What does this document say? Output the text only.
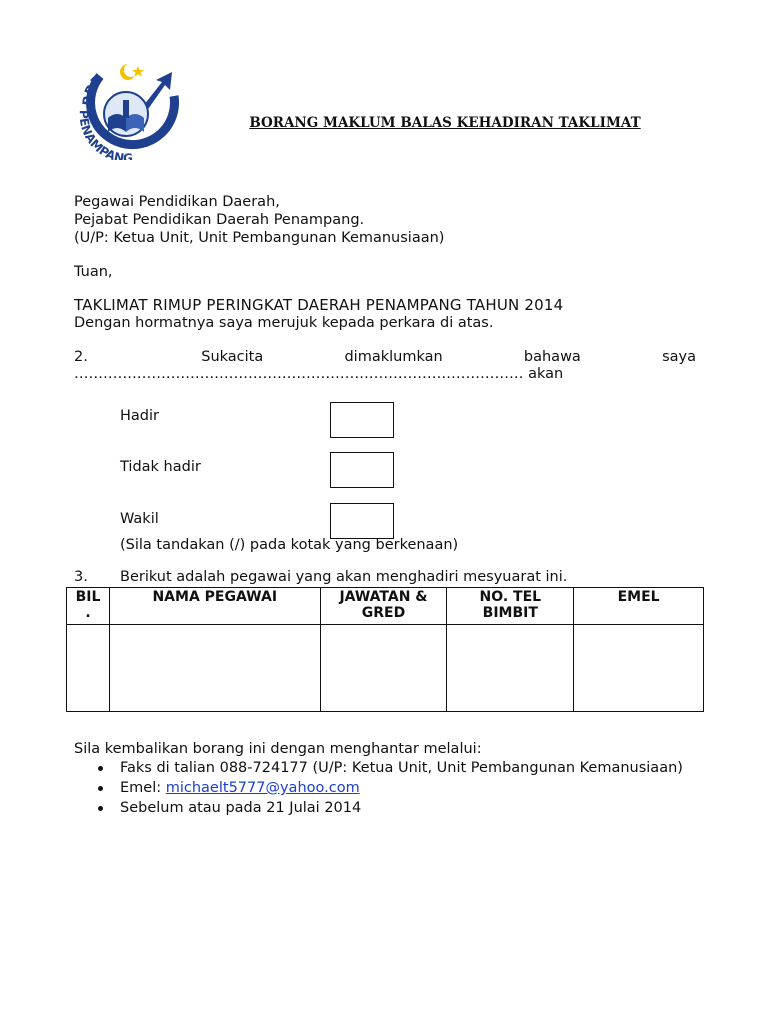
PPD
PENAMPANG
BORANG MAKLUM BALAS KEHADIRAN TAKLIMAT
Pegawai Pendidikan Daerah,
Pejabat Pendidikan Daerah Penampang.
(U/P: Ketua Unit, Unit Pembangunan Kemanusiaan)
Tuan,
TAKLIMAT RIMUP PERINGKAT DAERAH PENAMPANG TAHUN 2014
Dengan hormatnya saya merujuk kepada perkara di atas.
2.	Sukacita	dimaklumkan	bahawa	saya
………………………………………………………………………………… akan
Hadir
Tidak hadir
Wakil
(Sila tandakan (/) pada kotak yang berkenaan)
3. Berikut adalah pegawai yang akan menghadiri mesyuarat ini.
BIL .	NAMA PEGAWAI	JAWATAN & GRED	NO. TEL BIMBIT	EMEL

Sila kembalikan borang ini dengan menghantar melalui:
Faks di talian 088-724177 (U/P: Ketua Unit, Unit Pembangunan Kemanusiaan)
Emel: michaelt5777@yahoo.com
Sebelum atau pada 21 Julai 2014
